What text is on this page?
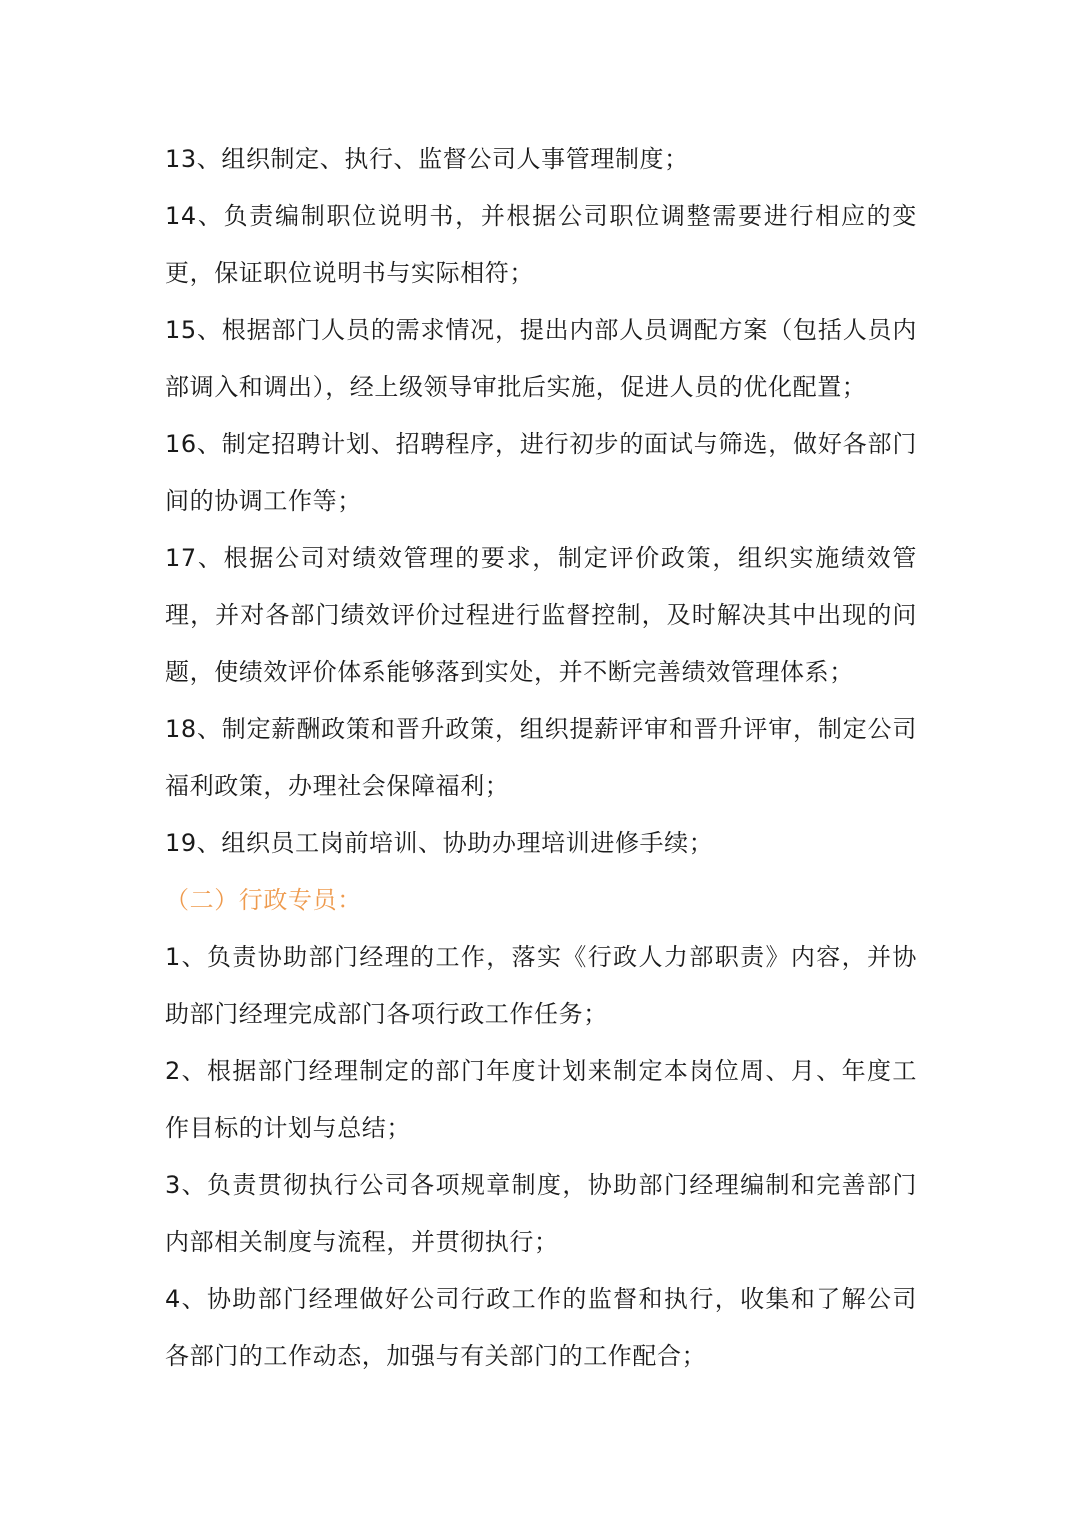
13、组织制定、执行、监督公司人事管理制度；

14、负责编制职位说明书，并根据公司职位调整需要进行相应的变更，保证职位说明书与实际相符；

15、根据部门人员的需求情况，提出内部人员调配方案（包括人员内部调入和调出），经上级领导审批后实施，促进人员的优化配置；

16、制定招聘计划、招聘程序，进行初步的面试与筛选，做好各部门间的协调工作等；

17、根据公司对绩效管理的要求，制定评价政策，组织实施绩效管理，并对各部门绩效评价过程进行监督控制，及时解决其中出现的问题，使绩效评价体系能够落到实处，并不断完善绩效管理体系；

18、制定薪酬政策和晋升政策，组织提薪评审和晋升评审，制定公司福利政策，办理社会保障福利；

19、组织员工岗前培训、协助办理培训进修手续；

（二）行政专员：

1、负责协助部门经理的工作，落实《行政人力部职责》内容，并协助部门经理完成部门各项行政工作任务；

2、根据部门经理制定的部门年度计划来制定本岗位周、月、年度工作目标的计划与总结；

3、负责贯彻执行公司各项规章制度，协助部门经理编制和完善部门内部相关制度与流程，并贯彻执行；

4、协助部门经理做好公司行政工作的监督和执行，收集和了解公司各部门的工作动态，加强与有关部门的工作配合；
